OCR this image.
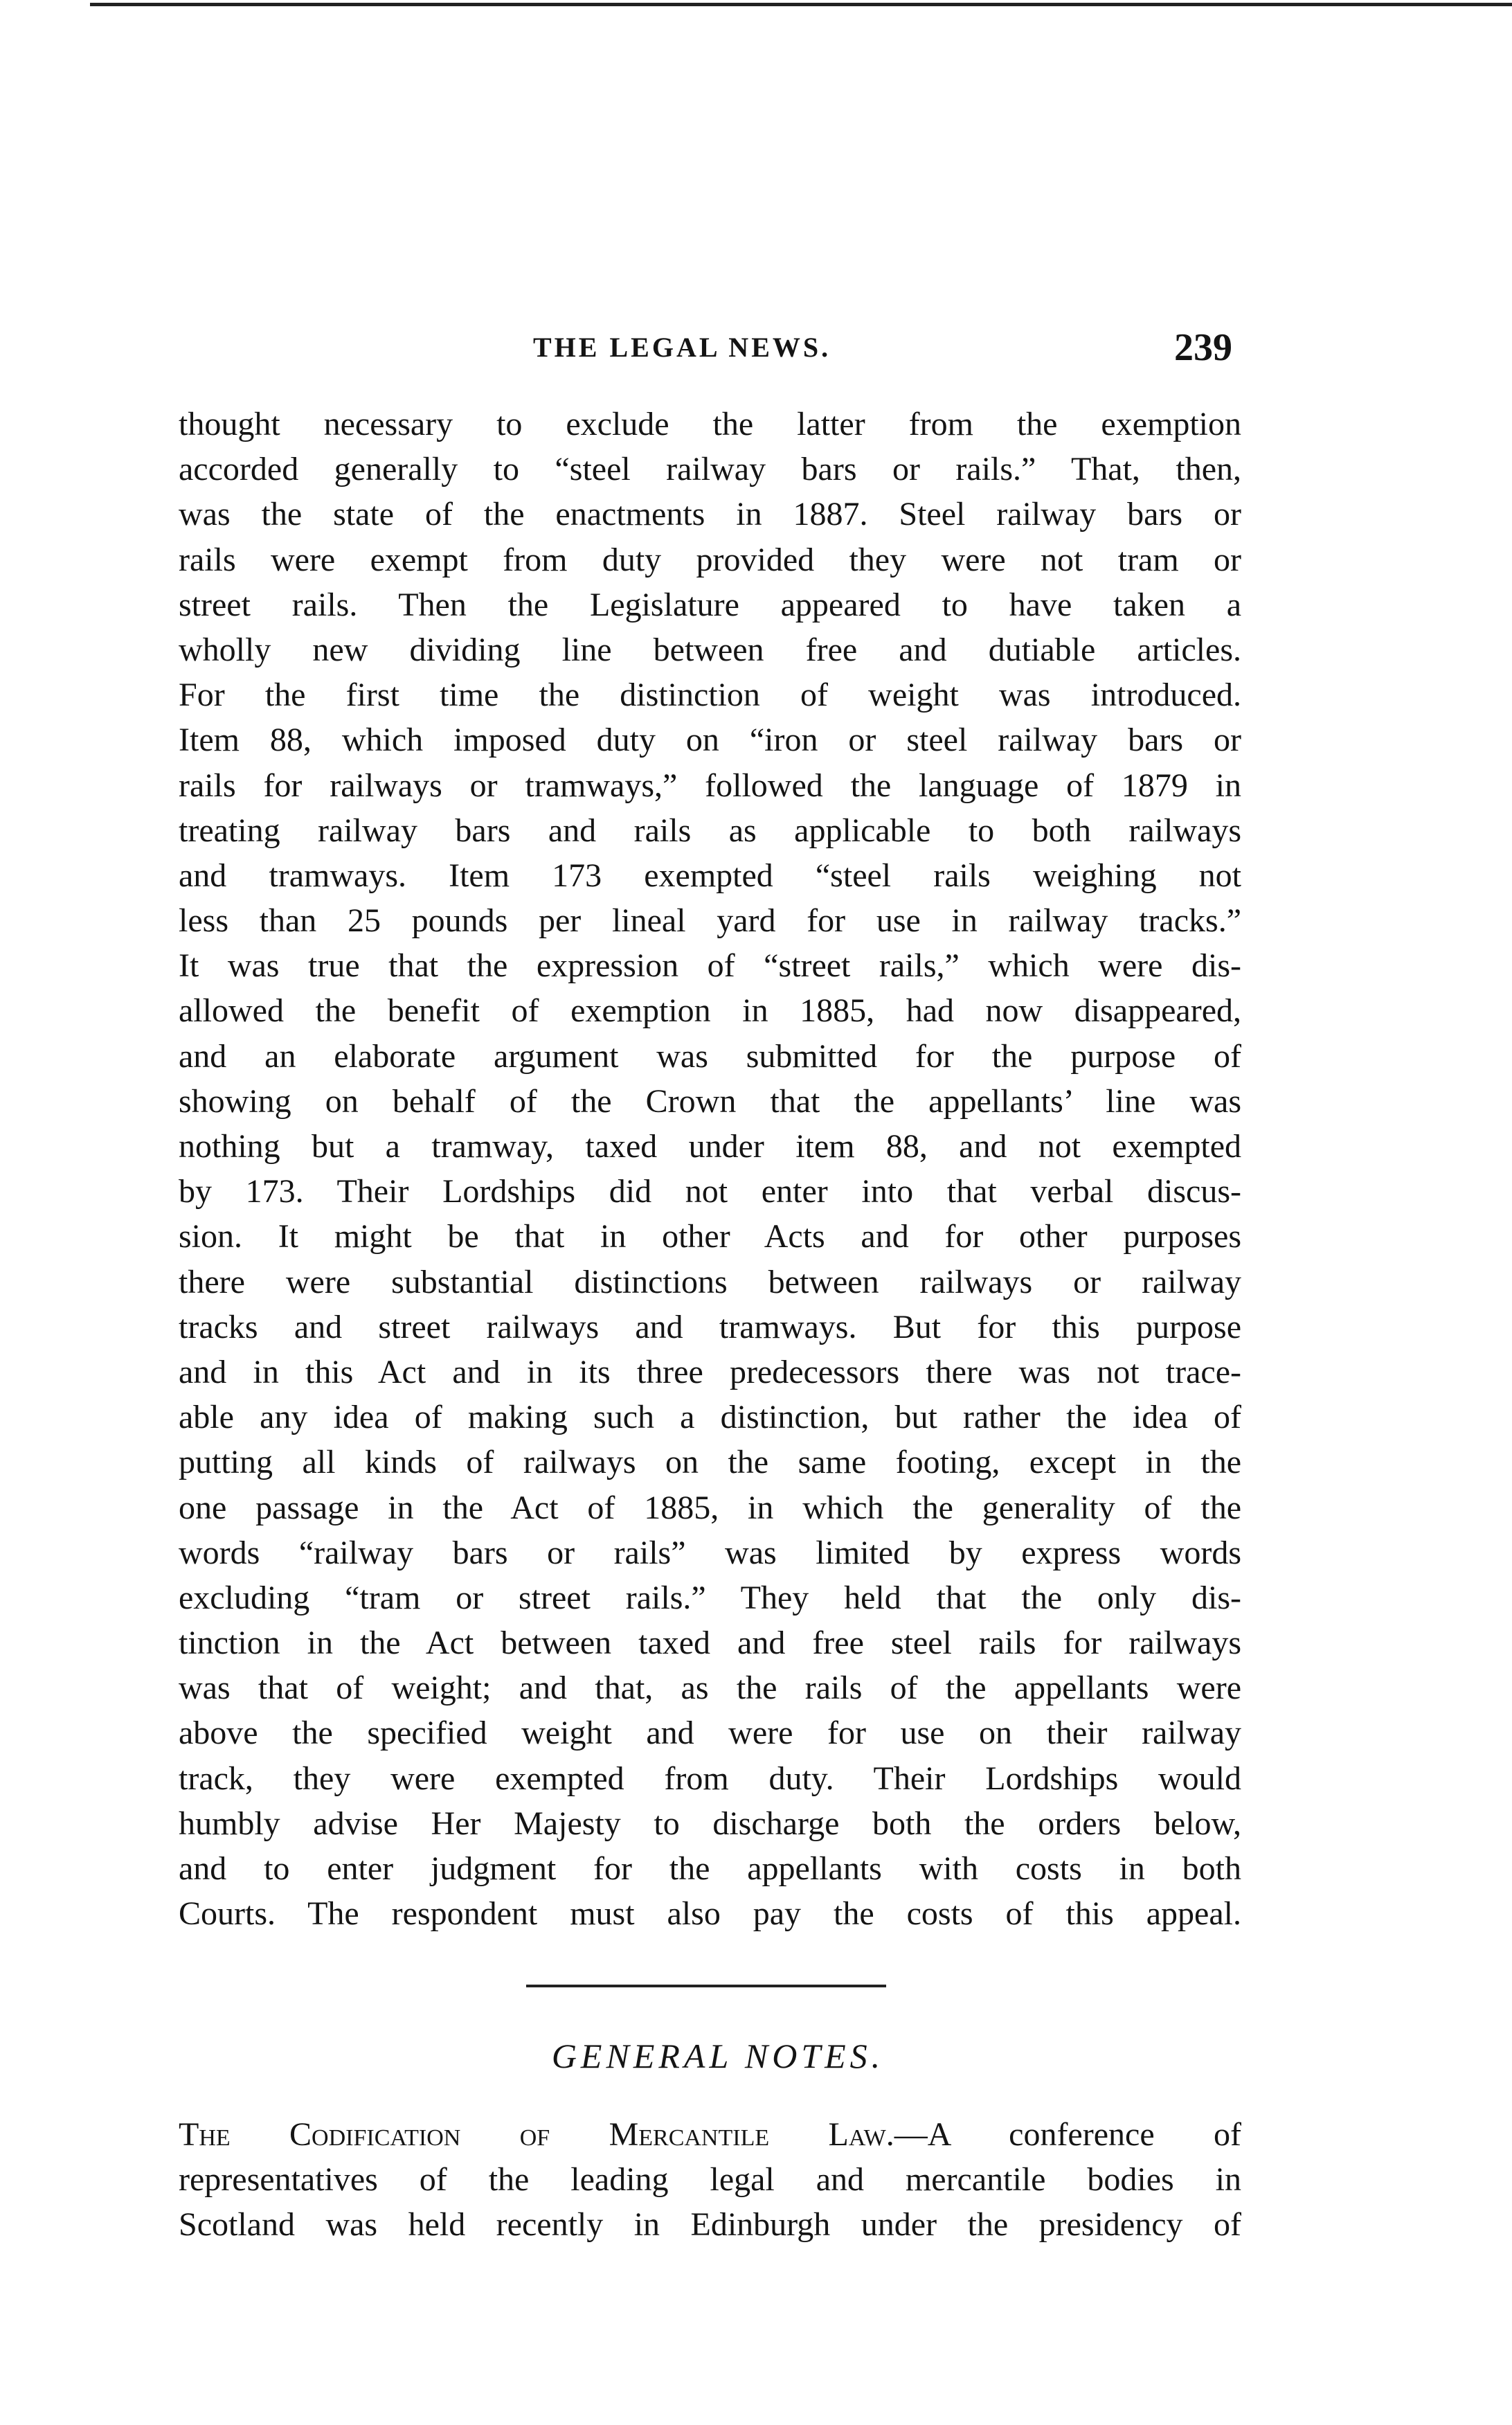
THE LEGAL NEWS.	239
thought necessary to exclude the latter from the exemption
accorded generally to “steel railway bars or rails.” That, then,
was the state of the enactments in 1887. Steel railway bars or
rails were exempt from duty provided they were not tram or
street rails. Then the Legislature appeared to have taken a
wholly new dividing line between free and dutiable articles.
For the first time the distinction of weight was introduced.
Item 88, which imposed duty on “iron or steel railway bars or
rails for railways or tramways,” followed the language of 1879 in
treating railway bars and rails as applicable to both railways
and tramways. Item 173 exempted “steel rails weighing not
less than 25 pounds per lineal yard for use in railway tracks.”
It was true that the expression of “street rails,” which were dis-
allowed the benefit of exemption in 1885, had now disappeared,
and an elaborate argument was submitted for the purpose of
showing on behalf of the Crown that the appellants’ line was
nothing but a tramway, taxed under item 88, and not exempted
by 173. Their Lordships did not enter into that verbal discus-
sion. It might be that in other Acts and for other purposes
there were substantial distinctions between railways or railway
tracks and street railways and tramways. But for this purpose
and in this Act and in its three predecessors there was not trace-
able any idea of making such a distinction, but rather the idea of
putting all kinds of railways on the same footing, except in the
one passage in the Act of 1885, in which the generality of the
words “railway bars or rails” was limited by express words
excluding “tram or street rails.” They held that the only dis-
tinction in the Act between taxed and free steel rails for railways
was that of weight; and that, as the rails of the appellants were
above the specified weight and were for use on their railway
track, they were exempted from duty. Their Lordships would
humbly advise Her Majesty to discharge both the orders below,
and to enter judgment for the appellants with costs in both
Courts. The respondent must also pay the costs of this appeal.
GENERAL NOTES.
The Codification of Mercantile Law.—A conference of
representatives of the leading legal and mercantile bodies in
Scotland was held recently in Edinburgh under the presidency of
